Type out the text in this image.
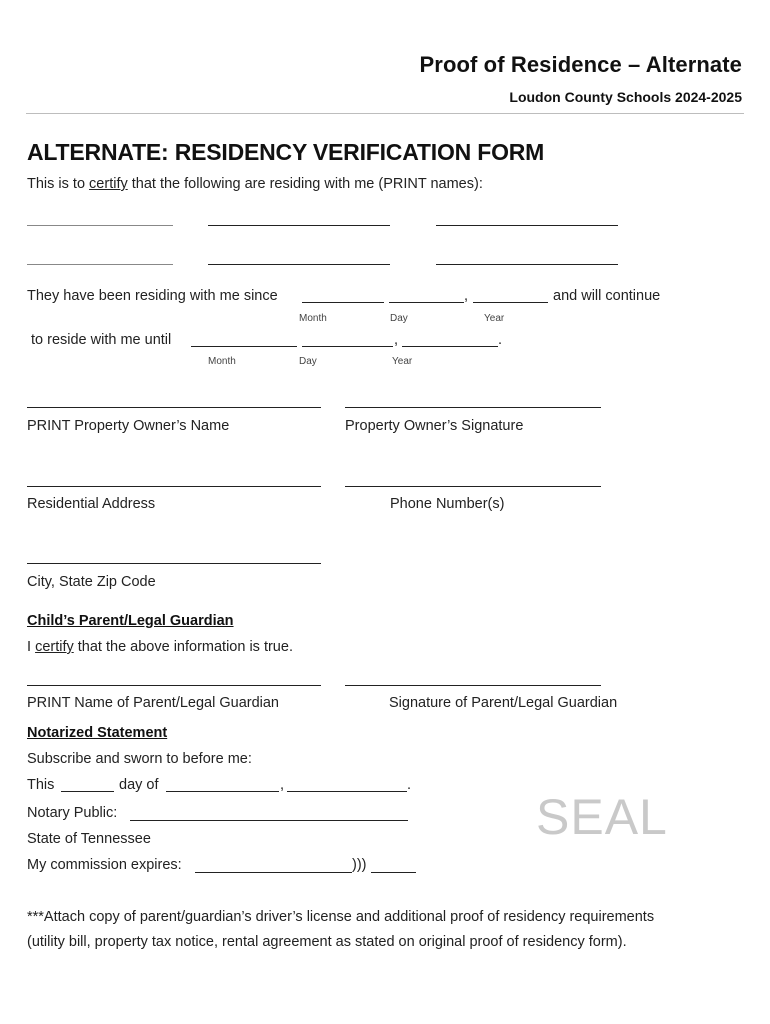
Proof of Residence – Alternate
Loudon County Schools 2024-2025
ALTERNATE: RESIDENCY VERIFICATION FORM
This is to certify that the following are residing with me (PRINT names):
They have been residing with me since	,	and will continue
Month	Day	Year
to reside with me until	,	.
Month	Day	Year
PRINT Property Owner’s Name	Property Owner’s Signature
Residential Address	Phone Number(s)
City, State Zip Code
Child’s Parent/Legal Guardian
I certify that the above information is true.
PRINT Name of Parent/Legal Guardian	Signature of Parent/Legal Guardian
Notarized Statement
Subscribe and sworn to before me:
This	day of	,	.
Notary Public:
State of Tennessee
My commission expires:	)))
SEAL
***Attach copy of parent/guardian’s driver’s license and additional proof of residency requirements
(utility bill, property tax notice, rental agreement as stated on original proof of residency form).
